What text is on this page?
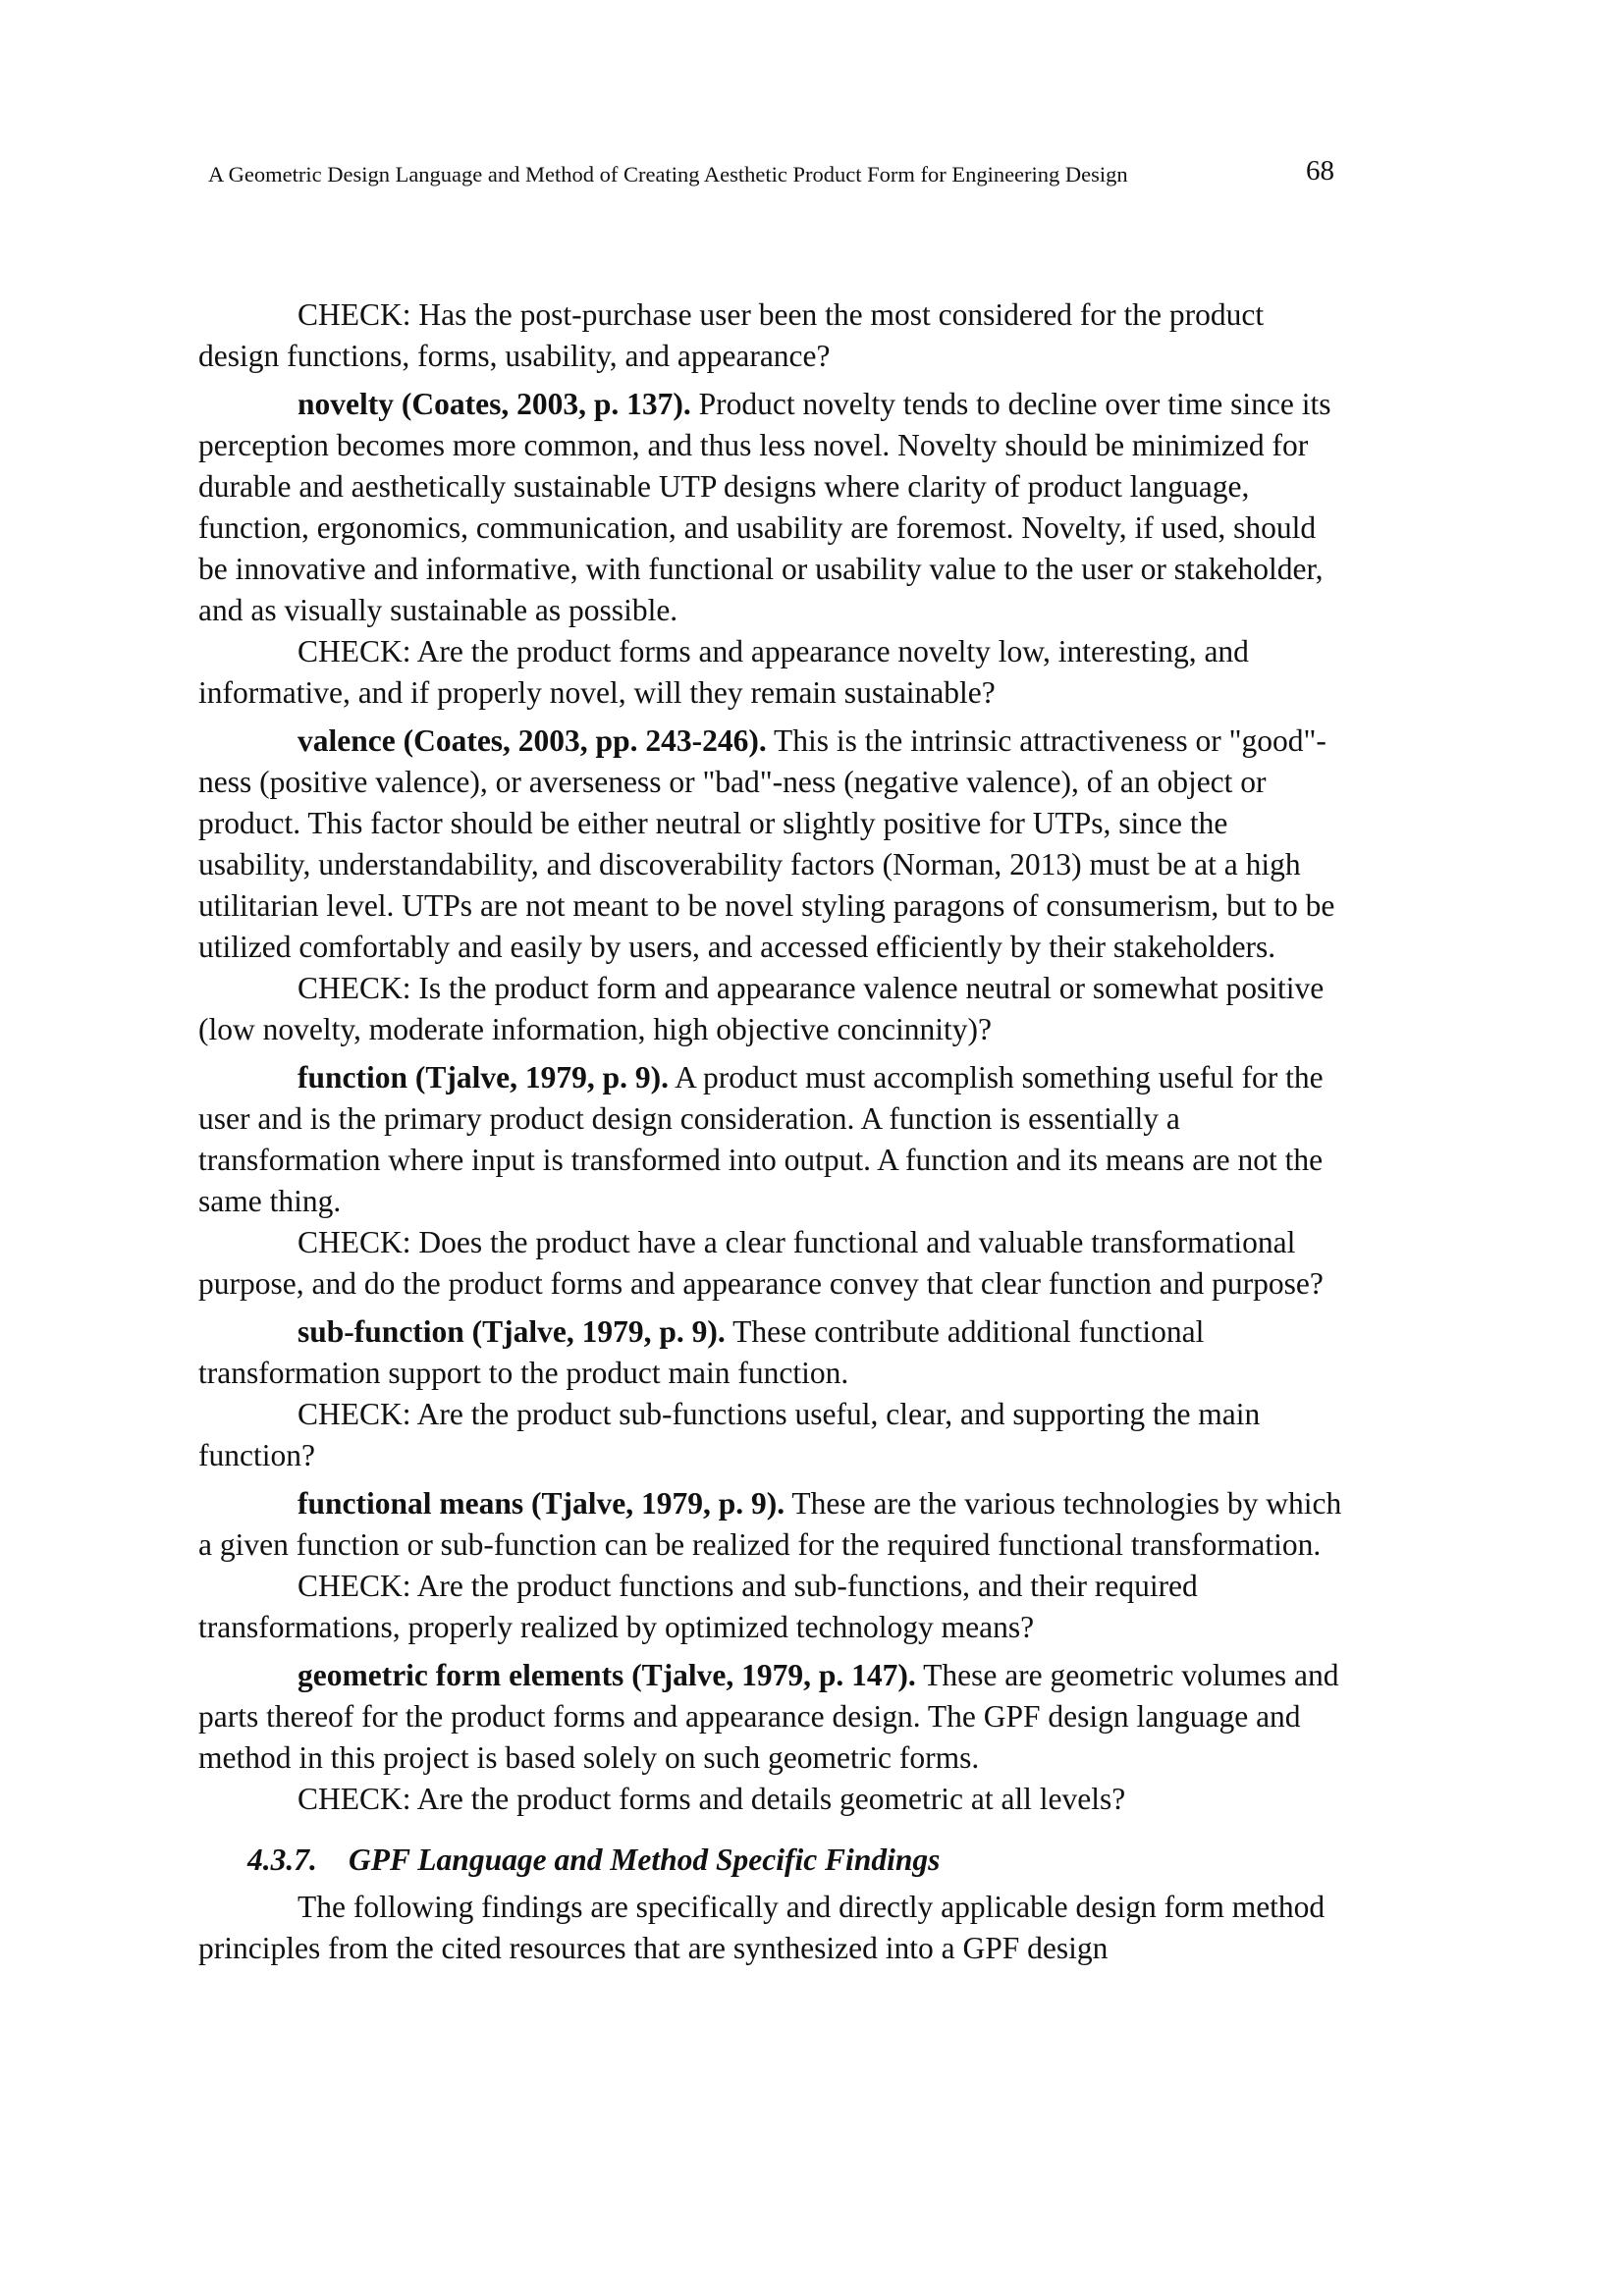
A Geometric Design Language and Method of Creating Aesthetic Product Form for Engineering Design	68

CHECK: Has the post-purchase user been the most considered for the product design functions, forms, usability, and appearance?

novelty (Coates, 2003, p. 137). Product novelty tends to decline over time since its perception becomes more common, and thus less novel. Novelty should be minimized for durable and aesthetically sustainable UTP designs where clarity of product language, function, ergonomics, communication, and usability are foremost. Novelty, if used, should be innovative and informative, with functional or usability value to the user or stakeholder, and as visually sustainable as possible.

CHECK: Are the product forms and appearance novelty low, interesting, and informative, and if properly novel, will they remain sustainable?

valence (Coates, 2003, pp. 243-246). This is the intrinsic attractiveness or "good"-ness (positive valence), or averseness or "bad"-ness (negative valence), of an object or product. This factor should be either neutral or slightly positive for UTPs, since the usability, understandability, and discoverability factors (Norman, 2013) must be at a high utilitarian level. UTPs are not meant to be novel styling paragons of consumerism, but to be utilized comfortably and easily by users, and accessed efficiently by their stakeholders.

CHECK: Is the product form and appearance valence neutral or somewhat positive (low novelty, moderate information, high objective concinnity)?

function (Tjalve, 1979, p. 9). A product must accomplish something useful for the user and is the primary product design consideration. A function is essentially a transformation where input is transformed into output. A function and its means are not the same thing.

CHECK: Does the product have a clear functional and valuable transformational purpose, and do the product forms and appearance convey that clear function and purpose?

sub-function (Tjalve, 1979, p. 9). These contribute additional functional transformation support to the product main function.

CHECK: Are the product sub-functions useful, clear, and supporting the main function?

functional means (Tjalve, 1979, p. 9). These are the various technologies by which a given function or sub-function can be realized for the required functional transformation.

CHECK: Are the product functions and sub-functions, and their required transformations, properly realized by optimized technology means?

geometric form elements (Tjalve, 1979, p. 147). These are geometric volumes and parts thereof for the product forms and appearance design. The GPF design language and method in this project is based solely on such geometric forms.

CHECK: Are the product forms and details geometric at all levels?

4.3.7. GPF Language and Method Specific Findings

The following findings are specifically and directly applicable design form method principles from the cited resources that are synthesized into a GPF design
